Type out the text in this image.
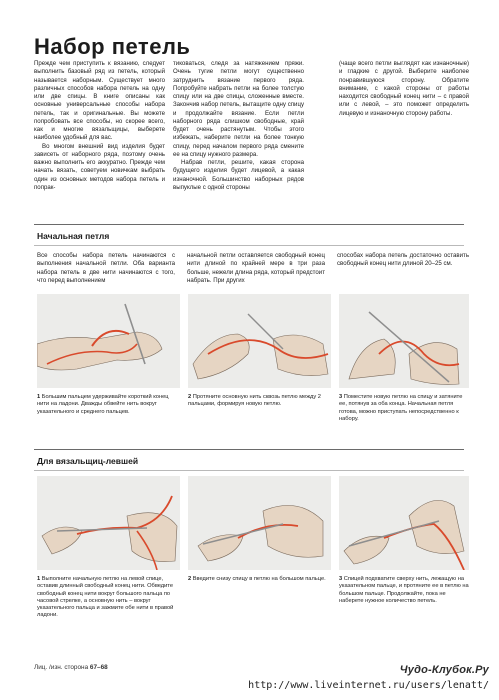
Набор петель

Прежде чем приступить к вязанию, следует выполнить базовый ряд из петель, который называется наборным. Существует много различных способов набора петель на одну или две спицы. В книге описаны как основные универсальные способы набора петель, так и оригинальные. Вы можете попробовать все способы, но скорее всего, как и многие вязальщицы, выберете наиболее удобный для вас.

Во многом внешний вид изделия будет зависеть от наборного ряда, поэтому очень важно выполнить его аккуратно. Прежде чем начать вязать, советуем новичкам выбрать один из основных методов набора петель и попрак-

тиковаться, следя за натяжением пряжи. Очень тугие петли могут существенно затруднить вязание первого ряда. Попробуйте набрать петли на более толстую спицу или на две спицы, сложенные вместе. Закончив набор петель, вытащите одну спицу и продолжайте вязание. Если петли наборного ряда слишком свободные, край будет очень растянутым. Чтобы этого избежать, наберите петли на более тонкую спицу, перед началом первого ряда смените ее на спицу нужного размера.

Набрав петли, решите, какая сторона будущего изделия будет лицевой, а какая изнаночной. Большинство наборных рядов выпуклые с одной стороны

(чаще всего петли выглядят как изнаночные) и гладкие с другой. Выберите наиболее понравившуюся сторону. Обратите внимание, с какой стороны от работы находится свободный конец нити – с правой или с левой, – это поможет определить лицевую и изнаночную сторону работы.

Начальная петля
Все способы набора петель начинаются с выполнения начальной петли. Оба варианта набора петель в две нити начинаются с того, что перед выполнением
начальной петли оставляется свободный конец нити длиной по крайней мере в три раза больше, нежели длина ряда, который предстоит набрать. При других
способах набора петель достаточно оставить свободный конец нити длиной 20–25 см.
1 Большим пальцем удерживайте короткий конец нити на ладони. Дважды обвейте нить вокруг указательного и среднего пальцев.
2 Протяните основную нить сквозь петлю между 2 пальцами, формируя новую петлю.
3 Поместите новую петлю на спицу и затяните ее, потянув за оба конца. Начальная петля готова, можно приступать непосредственно к набору.
Для вязальщиц-левшей
1 Выполните начальную петлю на левой спице, оставив длинный свободный конец нити. Обведите свободный конец нити вокруг большого пальца по часовой стрелке, а основную нить – вокруг указательного пальца и зажмите обе нити в правой ладони.
2 Введите снизу спицу в петлю на большом пальце.	3 Спицей подхватите сверху нить, лежащую на указательном пальце, и протяните ее в петлю на большом пальце. Продолжайте, пока не наберете нужное количество петель.
Лиц. /изн. сторона 67–68	Чудо-Клубок.Ру
http://www.liveinternet.ru/users/lenatt/
